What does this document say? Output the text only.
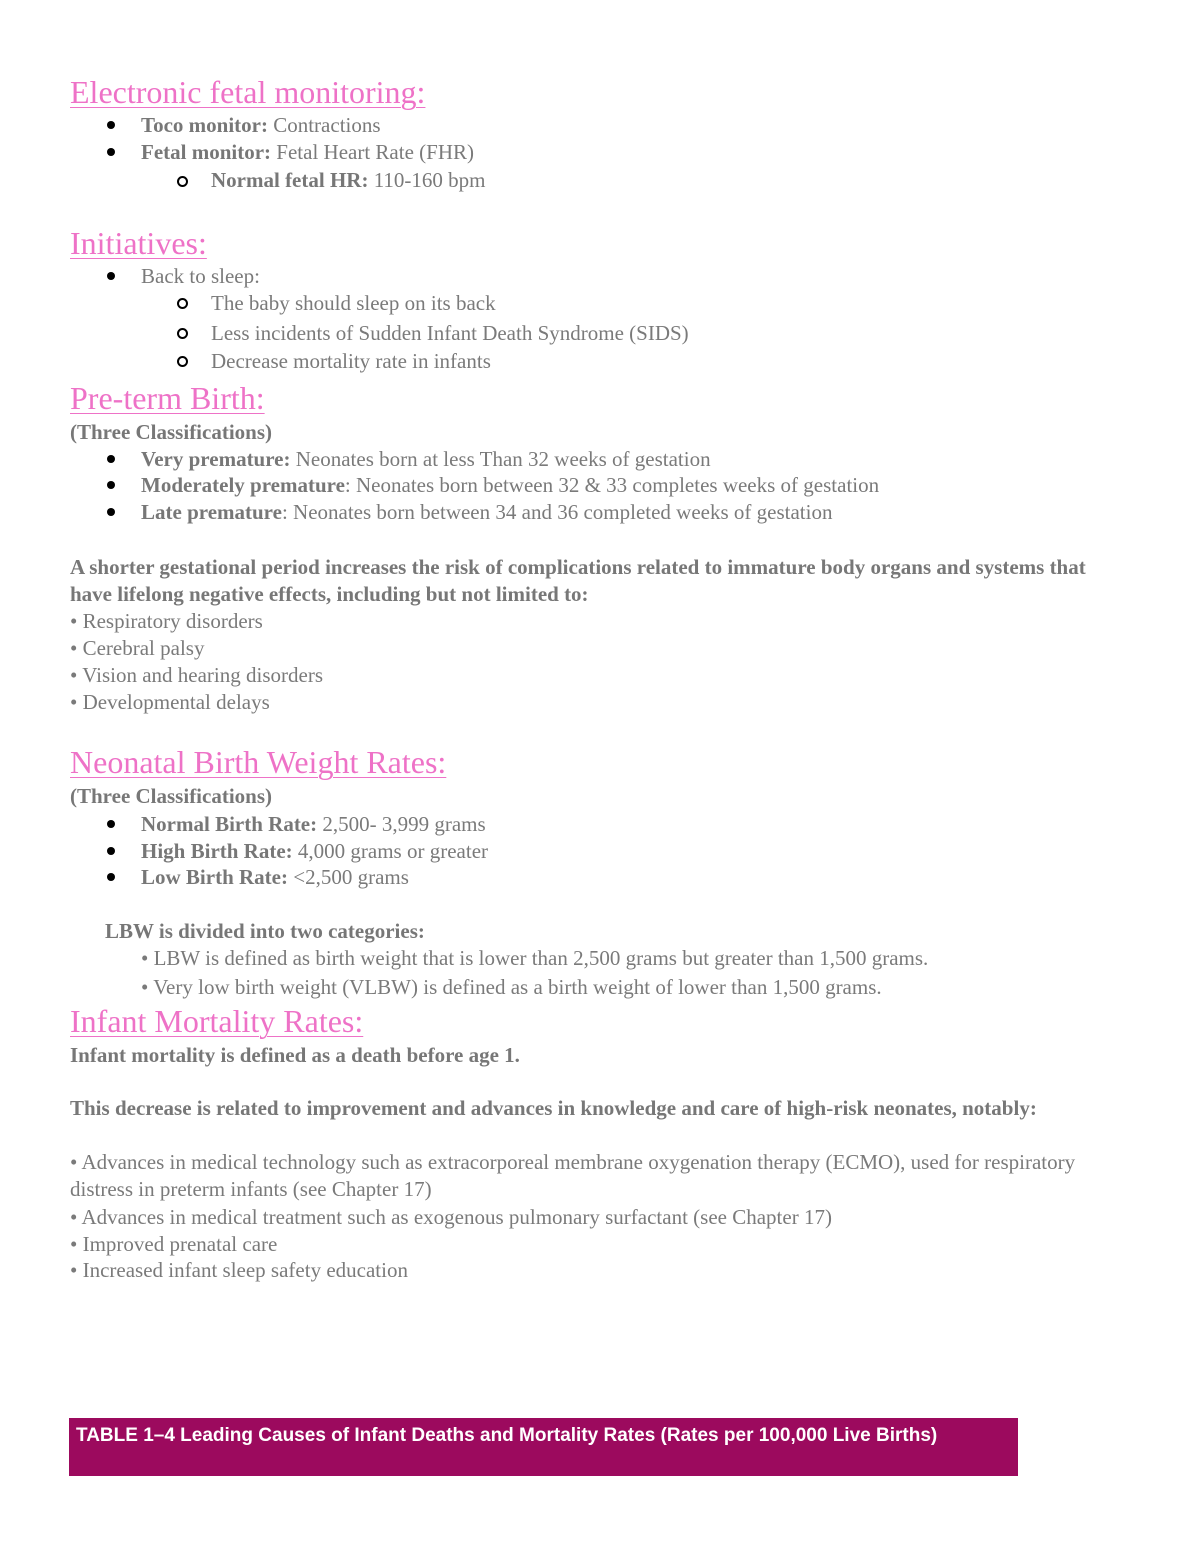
Electronic fetal monitoring:
Toco monitor: Contractions
Fetal monitor: Fetal Heart Rate (FHR)
Normal fetal HR: 110-160 bpm
Initiatives:
Back to sleep:
The baby should sleep on its back
Less incidents of Sudden Infant Death Syndrome (SIDS)
Decrease mortality rate in infants
Pre-term Birth:
(Three Classifications)
Very premature: Neonates born at less Than 32 weeks of gestation
Moderately premature: Neonates born between 32 & 33 completes weeks of gestation
Late premature: Neonates born between 34 and 36 completed weeks of gestation
A shorter gestational period increases the risk of complications related to immature body organs and systems that have lifelong negative effects, including but not limited to:
• Respiratory disorders
• Cerebral palsy
• Vision and hearing disorders
• Developmental delays
Neonatal Birth Weight Rates:
(Three Classifications)
Normal Birth Rate: 2,500- 3,999 grams
High Birth Rate: 4,000 grams or greater
Low Birth Rate: <2,500 grams
LBW is divided into two categories:
• LBW is defined as birth weight that is lower than 2,500 grams but greater than 1,500 grams.
• Very low birth weight (VLBW) is defined as a birth weight of lower than 1,500 grams.
Infant Mortality Rates:
Infant mortality is defined as a death before age 1.
This decrease is related to improvement and advances in knowledge and care of high-risk neonates, notably:
• Advances in medical technology such as extracorporeal membrane oxygenation therapy (ECMO), used for respiratory distress in preterm infants (see Chapter 17)
• Advances in medical treatment such as exogenous pulmonary surfactant (see Chapter 17)
• Improved prenatal care
• Increased infant sleep safety education
TABLE 1–4 Leading Causes of Infant Deaths and Mortality Rates (Rates per 100,000 Live Births)
